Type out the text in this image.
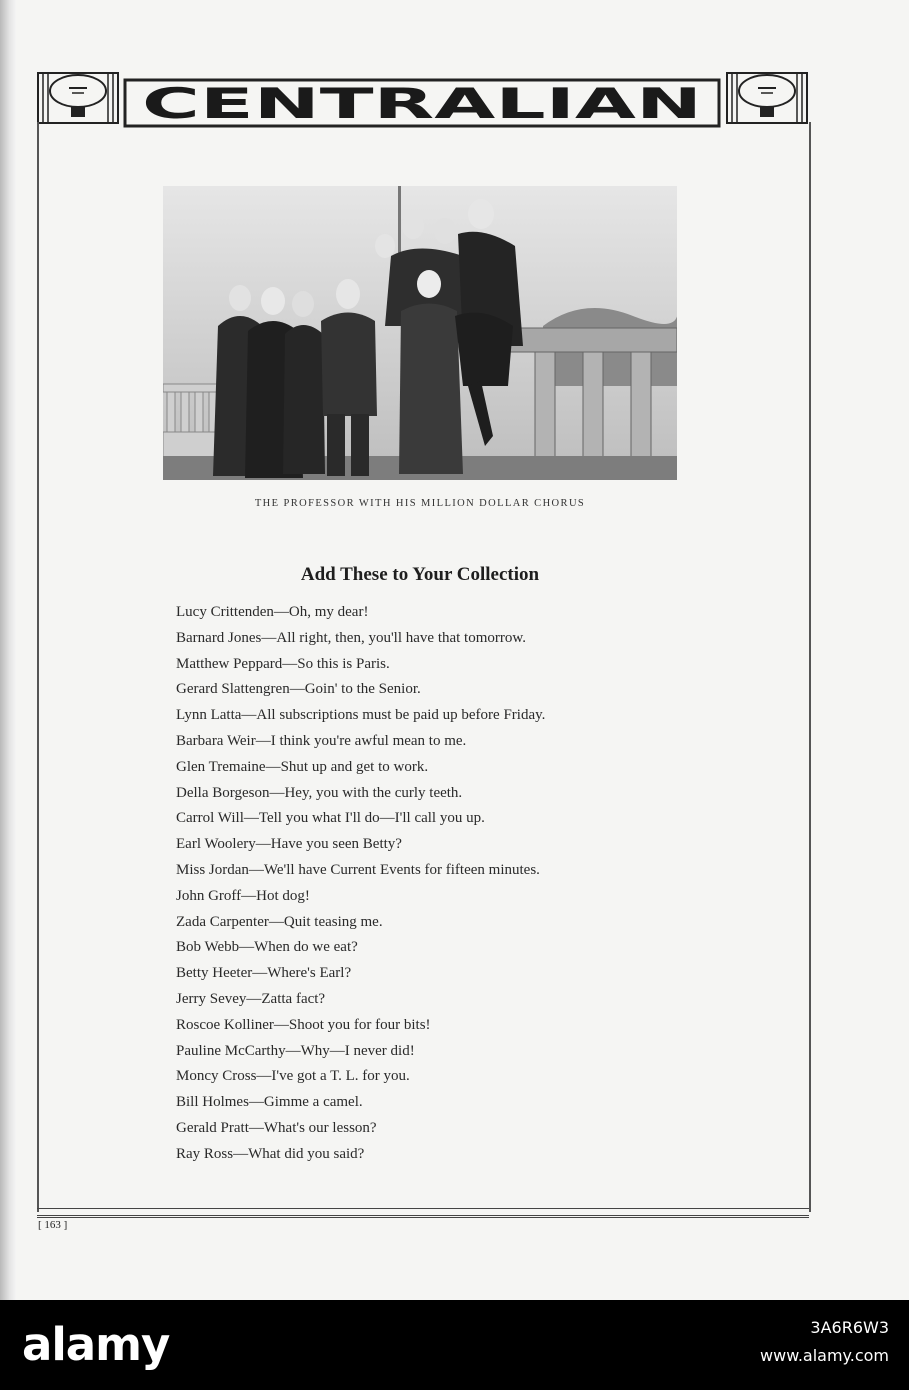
CENTRALIAN
THE PROFESSOR WITH HIS MILLION DOLLAR CHORUS
Add These to Your Collection
Lucy Crittenden—Oh, my dear!
Barnard Jones—All right, then, you'll have that tomorrow.
Matthew Peppard—So this is Paris.
Gerard Slattengren—Goin' to the Senior.
Lynn Latta—All subscriptions must be paid up before Friday.
Barbara Weir—I think you're awful mean to me.
Glen Tremaine—Shut up and get to work.
Della Borgeson—Hey, you with the curly teeth.
Carrol Will—Tell you what I'll do—I'll call you up.
Earl Woolery—Have you seen Betty?
Miss Jordan—We'll have Current Events for fifteen minutes.
John Groff—Hot dog!
Zada Carpenter—Quit teasing me.
Bob Webb—When do we eat?
Betty Heeter—Where's Earl?
Jerry Sevey—Zatta fact?
Roscoe Kolliner—Shoot you for four bits!
Pauline McCarthy—Why—I never did!
Moncy Cross—I've got a T. L. for you.
Bill Holmes—Gimme a camel.
Gerald Pratt—What's our lesson?
Ray Ross—What did you said?
[ 163 ]
alamy	3A6R6W3
www.alamy.com
